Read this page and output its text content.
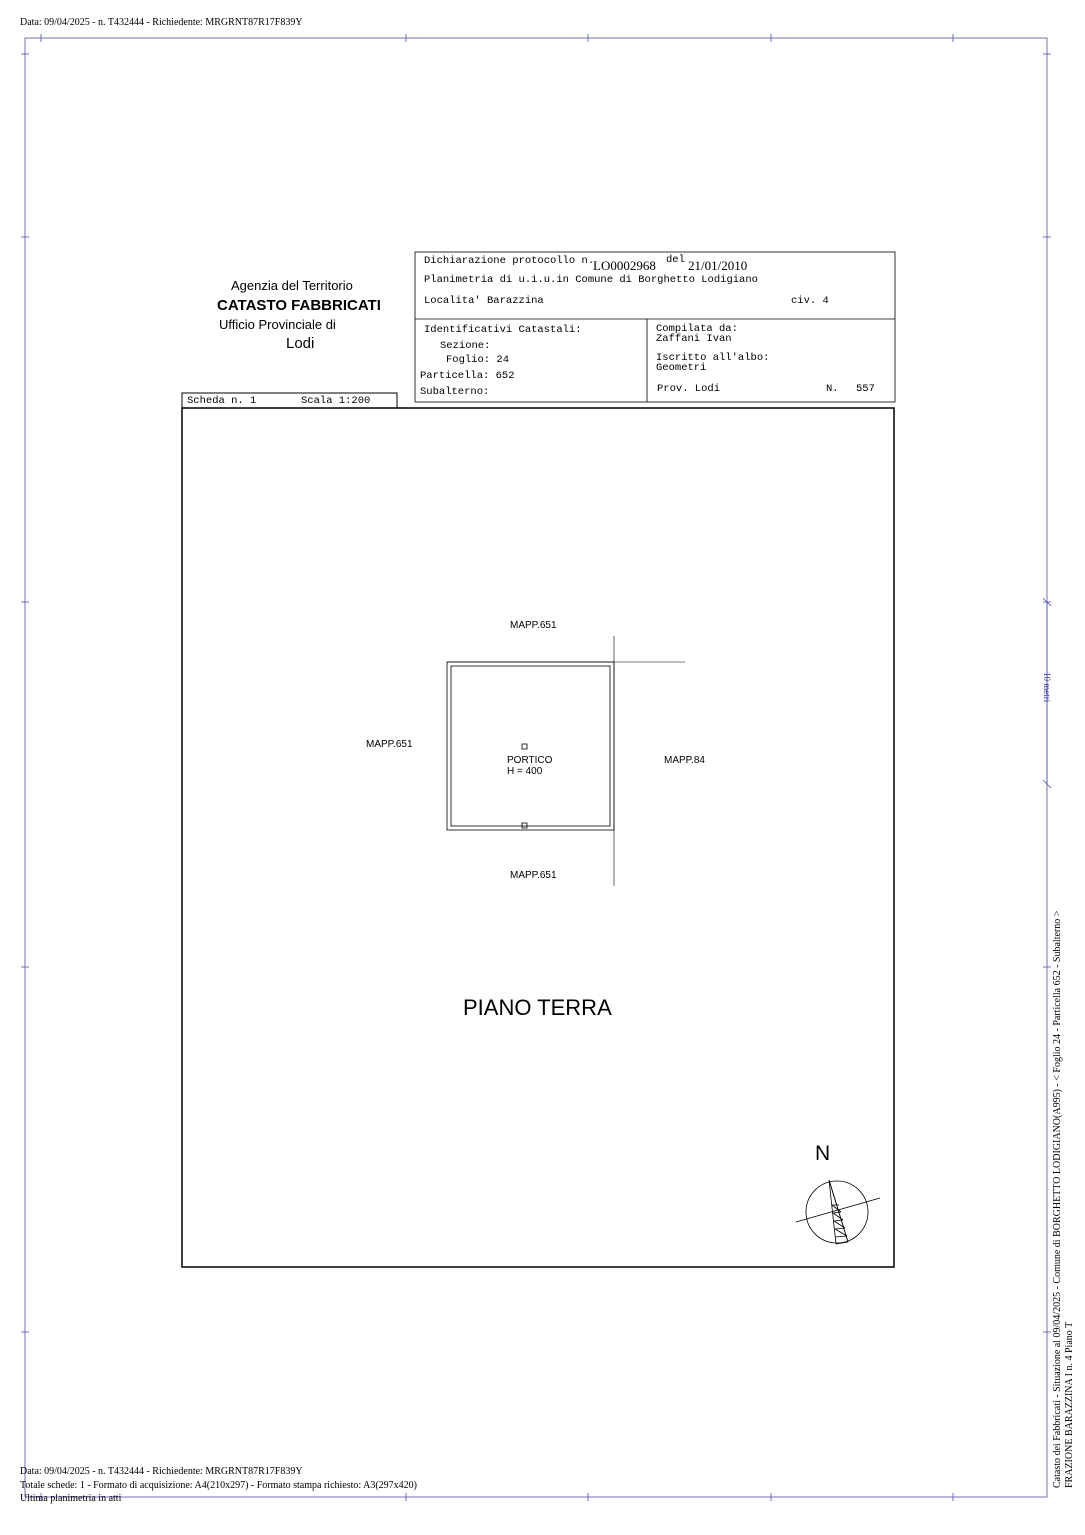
Data: 09/04/2025 - n. T432444 - Richiedente: MRGRNT87R17F839Y
Agenzia del Territorio
CATASTO FABBRICATI
Ufficio Provinciale di
Lodi
Dichiarazione protocollo n.
LO0002968 del 21/01/2010
Planimetria di u.i.u.in Comune di Borghetto Lodigiano
Localita' Barazzina	civ. 4
Identificativi Catastali:
Sezione:
Foglio: 24
Particella: 652
Subalterno:
Compilata da:
Zaffani Ivan
Iscritto all'albo:
Geometri
Prov. Lodi	N. 557
Scheda n. 1	Scala 1:200
MAPP.651
MAPP.651
MAPP.84
MAPP.651
PORTICO
H = 400
PIANO TERRA
N
10 metri
Catasto dei Fabbricati - Situazione al 09/04/2025 - Comune di BORGHETTO LODIGIANO(A995) - < Foglio 24 - Particella 652 - Subalterno > FRAZIONE BARAZZINA I n. 4 Piano T
Data: 09/04/2025 - n. T432444 - Richiedente: MRGRNT87R17F839Y
Totale schede: 1 - Formato di acquisizione: A4(210x297) - Formato stampa richiesto: A3(297x420)
Ultima planimetria in atti
